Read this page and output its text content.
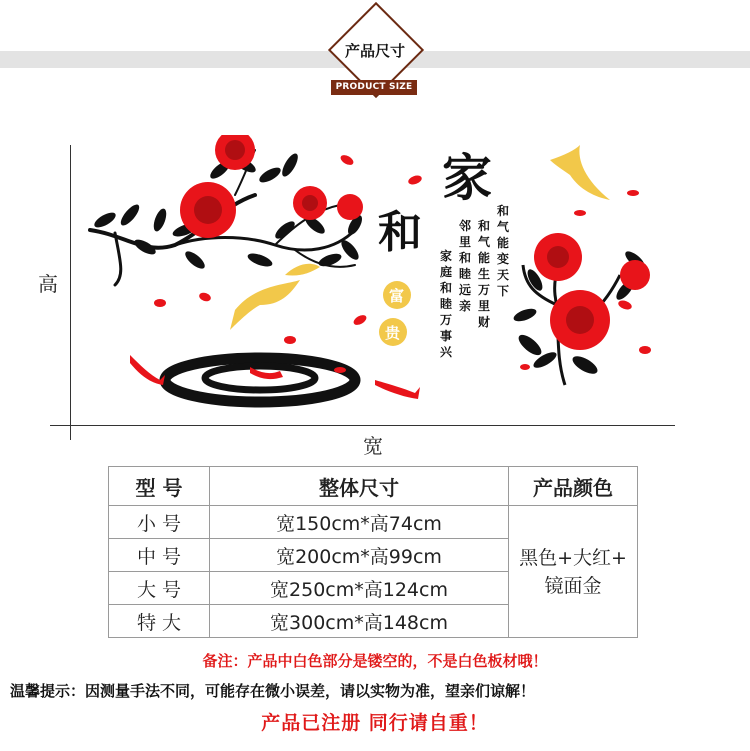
产品尺寸
PRODUCT SIZE
高
宽
家
和
富
贵
和气能变天下
和气能生万里财
邻里和睦远亲
家庭和睦万事兴
型 号	整体尺寸	产品颜色
小 号	宽150cm*高74cm	黑色+大红+
镜面金
中 号	宽200cm*高99cm	
大 号	宽250cm*高124cm	
特 大	宽300cm*高148cm	
备注：产品中白色部分是镂空的，不是白色板材哦！
温馨提示：因测量手法不同，可能存在微小误差，请以实物为准，望亲们谅解！
产品已注册 同行请自重！
